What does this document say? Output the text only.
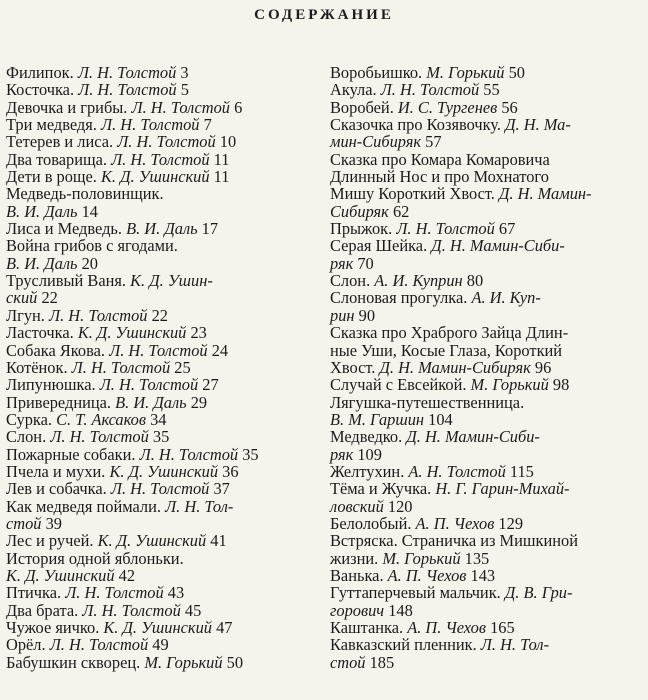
СОДЕРЖАНИЕ
Филипок. Л. Н. Толстой 3
Косточка. Л. Н. Толстой 5
Девочка и грибы. Л. Н. Толстой 6
Три медведя. Л. Н. Толстой 7
Тетерев и лиса. Л. Н. Толстой 10
Два товарища. Л. Н. Толстой 11
Дети в роще. К. Д. Ушинский 11
Медведь-половинщик.
В. И. Даль 14
Лиса и Медведь. В. И. Даль 17
Война грибов с ягодами.
В. И. Даль 20
Трусливый Ваня. К. Д. Ушин-
ский 22
Лгун. Л. Н. Толстой 22
Ласточка. К. Д. Ушинский 23
Собака Якова. Л. Н. Толстой 24
Котёнок. Л. Н. Толстой 25
Липунюшка. Л. Н. Толстой 27
Привередница. В. И. Даль 29
Сурка. С. Т. Аксаков 34
Слон. Л. Н. Толстой 35
Пожарные собаки. Л. Н. Толстой 35
Пчела и мухи. К. Д. Ушинский 36
Лев и собачка. Л. Н. Толстой 37
Как медведя поймали. Л. Н. Тол-
стой 39
Лес и ручей. К. Д. Ушинский 41
История одной яблоньки.
К. Д. Ушинский 42
Птичка. Л. Н. Толстой 43
Два брата. Л. Н. Толстой 45
Чужое яичко. К. Д. Ушинский 47
Орёл. Л. Н. Толстой 49
Бабушкин скворец. М. Горький 50
Воробьишко. М. Горький 50
Акула. Л. Н. Толстой 55
Воробей. И. С. Тургенев 56
Сказочка про Козявочку. Д. Н. Ма-
мин-Сибиряк 57
Сказка про Комара Комаровича
Длинный Нос и про Мохнатого
Мишу Короткий Хвост. Д. Н. Мамин-
Сибиряк 62
Прыжок. Л. Н. Толстой 67
Серая Шейка. Д. Н. Мамин-Сиби-
ряк 70
Слон. А. И. Куприн 80
Слоновая прогулка. А. И. Куп-
рин 90
Сказка про Храброго Зайца Длин-
ные Уши, Косые Глаза, Короткий
Хвост. Д. Н. Мамин-Сибиряк 96
Случай с Евсейкой. М. Горький 98
Лягушка-путешественница.
В. М. Гаршин 104
Медведко. Д. Н. Мамин-Сиби-
ряк 109
Желтухин. А. Н. Толстой 115
Тёма и Жучка. Н. Г. Гарин-Михай-
ловский 120
Белолобый. А. П. Чехов 129
Встряска. Страничка из Мишкиной
жизни. М. Горький 135
Ванька. А. П. Чехов 143
Гуттаперчевый мальчик. Д. В. Гри-
горович 148
Каштанка. А. П. Чехов 165
Кавказский пленник. Л. Н. Тол-
стой 185
